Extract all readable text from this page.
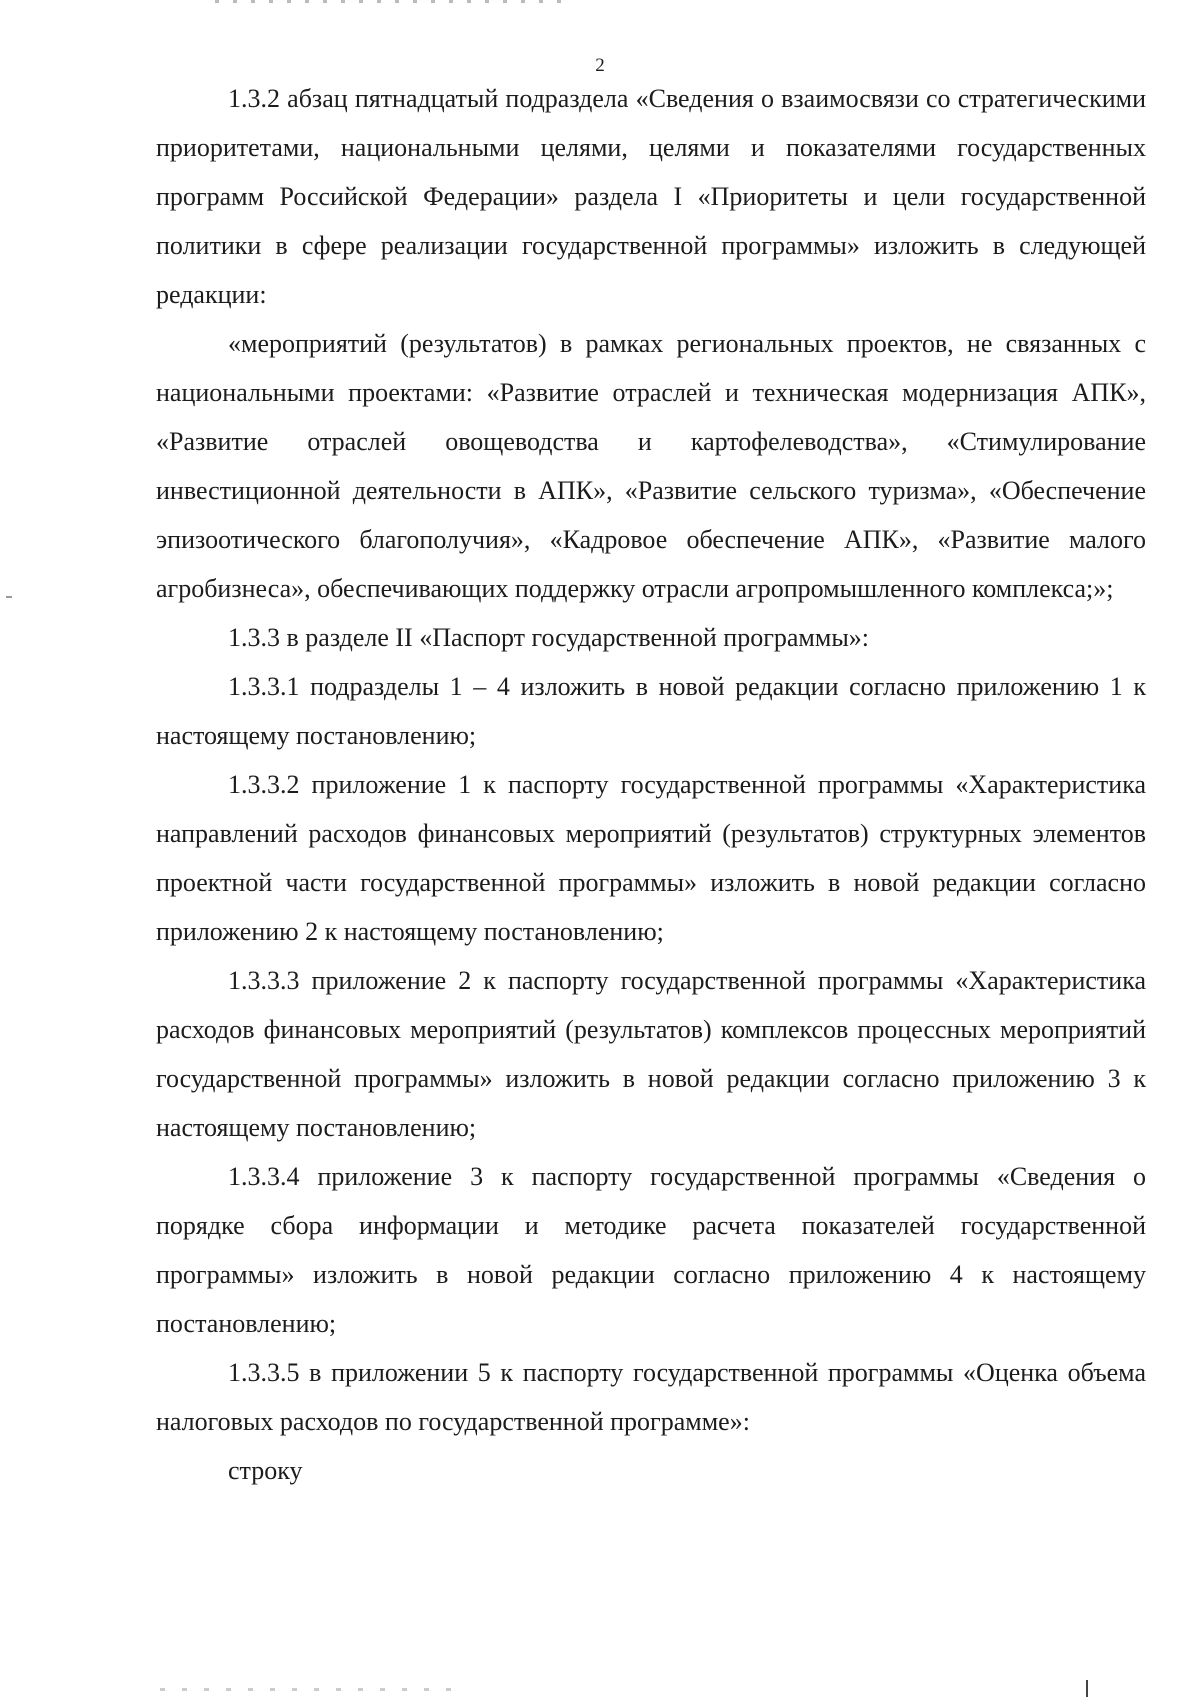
2

1.3.2 абзац пятнадцатый подраздела «Сведения о взаимосвязи со стратегическими приоритетами, национальными целями, целями и показателями государственных программ Российской Федерации» раздела I «Приоритеты и цели государственной политики в сфере реализации государственной программы» изложить в следующей редакции:

«мероприятий (результатов) в рамках региональных проектов, не связанных с национальными проектами: «Развитие отраслей и техническая модернизация АПК», «Развитие отраслей овощеводства и картофелеводства», «Стимулирование инвестиционной деятельности в АПК», «Развитие сельского туризма», «Обеспечение эпизоотического благополучия», «Кадровое обеспечение АПК», «Развитие малого агробизнеса», обеспечивающих поддержку отрасли агропромышленного комплекса;»;

1.3.3 в разделе II «Паспорт государственной программы»:

1.3.3.1 подразделы 1 – 4 изложить в новой редакции согласно приложению 1 к настоящему постановлению;

1.3.3.2 приложение 1 к паспорту государственной программы «Характеристика направлений расходов финансовых мероприятий (результатов) структурных элементов проектной части государственной программы» изложить в новой редакции согласно приложению 2 к настоящему постановлению;

1.3.3.3 приложение 2 к паспорту государственной программы «Характеристика расходов финансовых мероприятий (результатов) комплексов процессных мероприятий государственной программы» изложить в новой редакции согласно приложению 3 к настоящему постановлению;

1.3.3.4 приложение 3 к паспорту государственной программы «Сведения о порядке сбора информации и методике расчета показателей государственной программы» изложить в новой редакции согласно приложению 4 к настоящему постановлению;

1.3.3.5 в приложении 5 к паспорту государственной программы «Оценка объема налоговых расходов по государственной программе»:

строку
